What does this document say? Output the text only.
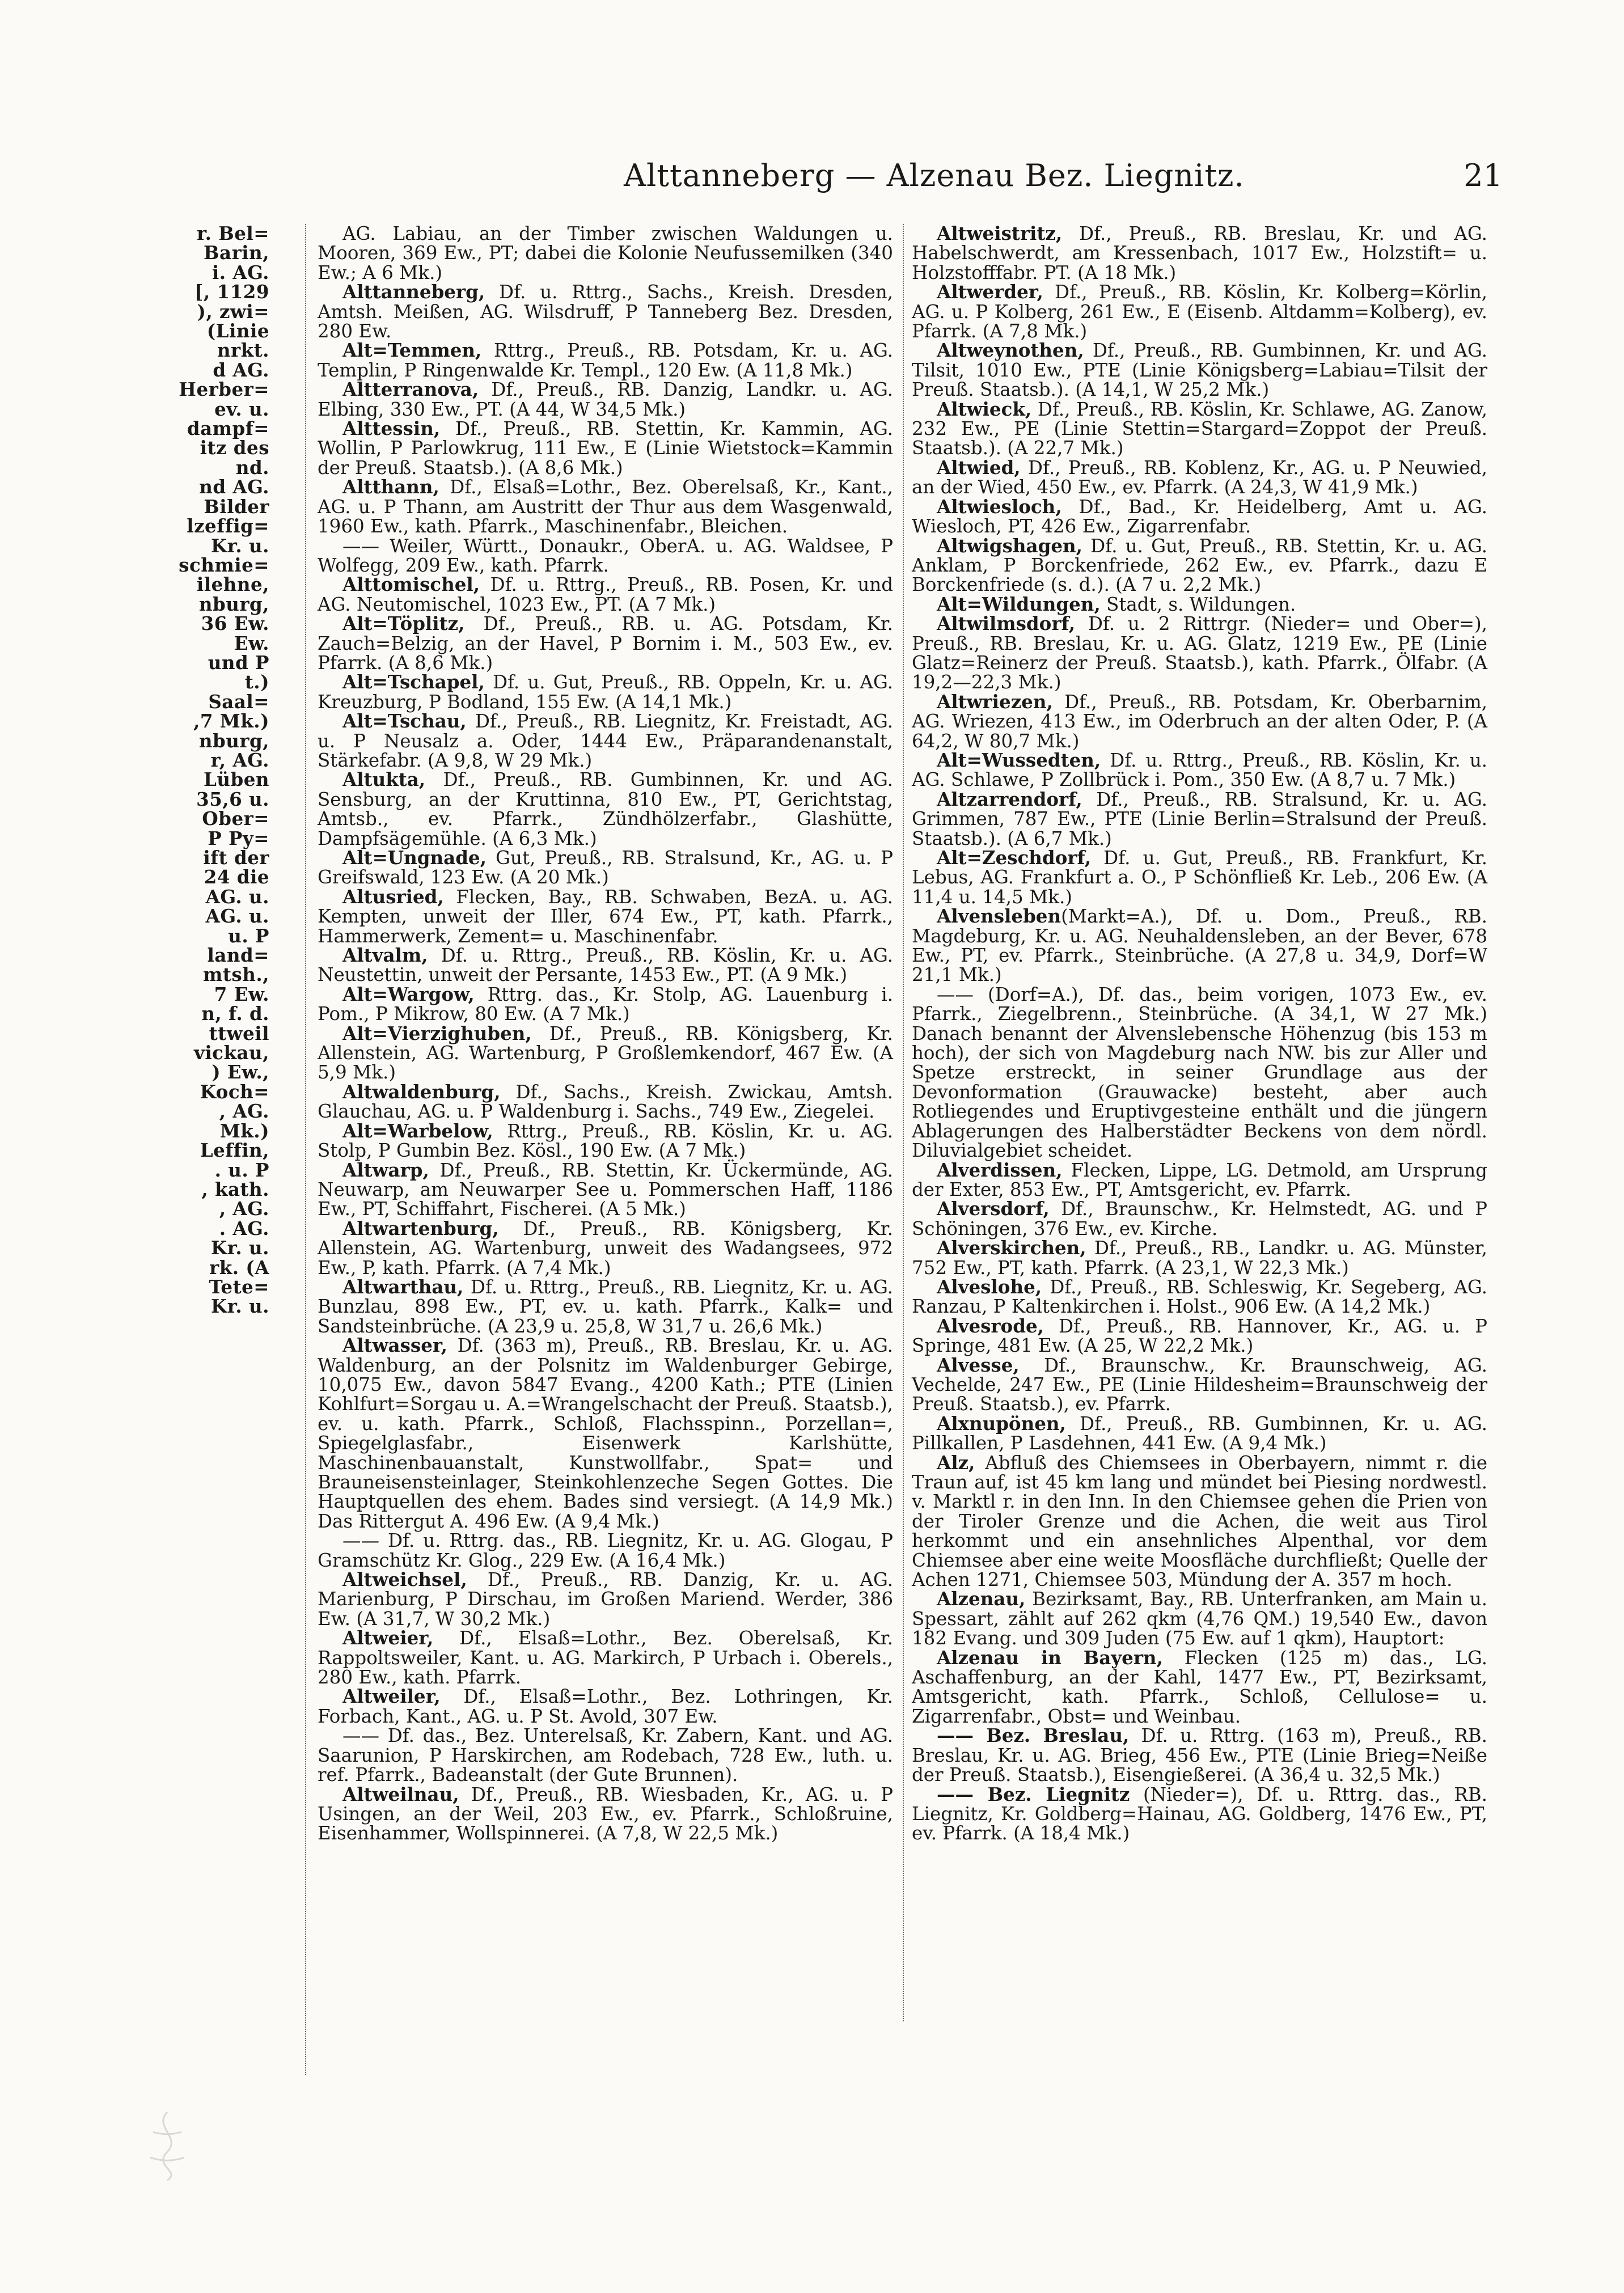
Alttanneberg — Alzenau Bez. Liegnitz.	21
r. Bel=
Barin,
i. AG.
[, 1129
), zwi=
(Linie
nrkt.
d AG.
Herber=
ev. u.
dampf=
itz des
nd.
nd AG.
Bilder
lzeffig=
Kr. u.
schmie=
ilehne,
nburg,
36 Ew.
Ew.
und P
t.)
Saal=
,7 Mk.)
nburg,
r, AG.
Lüben
35,6 u.
Ober=
P Py=
ift der
24 die
AG. u.
AG. u.
u. P
land=
mtsh.,
7 Ew.
n, f. d.
ttweil
vickau,
) Ew.,
Koch=
, AG.
Mk.)
Leffin,
. u. P
, kath.
, AG.
. AG.
Kr. u.
rk. (A
Tete=
Kr. u.

AG. Labiau, an der Timber zwischen Waldungen u. Mooren, 369 Ew., PT; dabei die Kolonie Neufussemilken (340 Ew.; A 6 Mk.)

Alttanneberg, Df. u. Rttrg., Sachs., Kreish. Dresden, Amtsh. Meißen, AG. Wilsdruff, P Tanneberg Bez. Dresden, 280 Ew.

Alt=Temmen, Rttrg., Preuß., RB. Potsdam, Kr. u. AG. Templin, P Ringenwalde Kr. Templ., 120 Ew. (A 11,8 Mk.)

Altterranova, Df., Preuß., RB. Danzig, Landkr. u. AG. Elbing, 330 Ew., PT. (A 44, W 34,5 Mk.)

Alttessin, Df., Preuß., RB. Stettin, Kr. Kammin, AG. Wollin, P Parlowkrug, 111 Ew., E (Linie Wietstock=Kammin der Preuß. Staatsb.). (A 8,6 Mk.)

Altthann, Df., Elsaß=Lothr., Bez. Oberelsaß, Kr., Kant., AG. u. P Thann, am Austritt der Thur aus dem Wasgenwald, 1960 Ew., kath. Pfarrk., Maschinenfabr., Bleichen.

—— Weiler, Württ., Donaukr., OberA. u. AG. Waldsee, P Wolfegg, 209 Ew., kath. Pfarrk.

Alttomischel, Df. u. Rttrg., Preuß., RB. Posen, Kr. und AG. Neutomischel, 1023 Ew., PT. (A 7 Mk.)

Alt=Töplitz, Df., Preuß., RB. u. AG. Potsdam, Kr. Zauch=Belzig, an der Havel, P Bornim i. M., 503 Ew., ev. Pfarrk. (A 8,6 Mk.)

Alt=Tschapel, Df. u. Gut, Preuß., RB. Oppeln, Kr. u. AG. Kreuzburg, P Bodland, 155 Ew. (A 14,1 Mk.)

Alt=Tschau, Df., Preuß., RB. Liegnitz, Kr. Freistadt, AG. u. P Neusalz a. Oder, 1444 Ew., Präparandenanstalt, Stärkefabr. (A 9,8, W 29 Mk.)

Altukta, Df., Preuß., RB. Gumbinnen, Kr. und AG. Sensburg, an der Kruttinna, 810 Ew., PT, Gerichtstag, Amtsb., ev. Pfarrk., Zündhölzerfabr., Glashütte, Dampfsägemühle. (A 6,3 Mk.)

Alt=Ungnade, Gut, Preuß., RB. Stralsund, Kr., AG. u. P Greifswald, 123 Ew. (A 20 Mk.)

Altusried, Flecken, Bay., RB. Schwaben, BezA. u. AG. Kempten, unweit der Iller, 674 Ew., PT, kath. Pfarrk., Hammerwerk, Zement= u. Maschinenfabr.

Altvalm, Df. u. Rttrg., Preuß., RB. Köslin, Kr. u. AG. Neustettin, unweit der Persante, 1453 Ew., PT. (A 9 Mk.)

Alt=Wargow, Rttrg. das., Kr. Stolp, AG. Lauenburg i. Pom., P Mikrow, 80 Ew. (A 7 Mk.)

Alt=Vierzighuben, Df., Preuß., RB. Königsberg, Kr. Allenstein, AG. Wartenburg, P Großlemkendorf, 467 Ew. (A 5,9 Mk.)

Altwaldenburg, Df., Sachs., Kreish. Zwickau, Amtsh. Glauchau, AG. u. P Waldenburg i. Sachs., 749 Ew., Ziegelei.

Alt=Warbelow, Rttrg., Preuß., RB. Köslin, Kr. u. AG. Stolp, P Gumbin Bez. Kösl., 190 Ew. (A 7 Mk.)

Altwarp, Df., Preuß., RB. Stettin, Kr. Ückermünde, AG. Neuwarp, am Neuwarper See u. Pommerschen Haff, 1186 Ew., PT, Schiffahrt, Fischerei. (A 5 Mk.)

Altwartenburg, Df., Preuß., RB. Königsberg, Kr. Allenstein, AG. Wartenburg, unweit des Wadangsees, 972 Ew., P, kath. Pfarrk. (A 7,4 Mk.)

Altwarthau, Df. u. Rttrg., Preuß., RB. Liegnitz, Kr. u. AG. Bunzlau, 898 Ew., PT, ev. u. kath. Pfarrk., Kalk= und Sandsteinbrüche. (A 23,9 u. 25,8, W 31,7 u. 26,6 Mk.)

Altwasser, Df. (363 m), Preuß., RB. Breslau, Kr. u. AG. Waldenburg, an der Polsnitz im Waldenburger Gebirge, 10,075 Ew., davon 5847 Evang., 4200 Kath.; PTE (Linien Kohlfurt=Sorgau u. A.=Wrangelschacht der Preuß. Staatsb.), ev. u. kath. Pfarrk., Schloß, Flachsspinn., Porzellan=, Spiegelglasfabr., Eisenwerk Karlshütte, Maschinenbauanstalt, Kunstwollfabr., Spat= und Brauneisensteinlager, Steinkohlenzeche Segen Gottes. Die Hauptquellen des ehem. Bades sind versiegt. (A 14,9 Mk.) Das Rittergut A. 496 Ew. (A 9,4 Mk.)

—— Df. u. Rttrg. das., RB. Liegnitz, Kr. u. AG. Glogau, P Gramschütz Kr. Glog., 229 Ew. (A 16,4 Mk.)

Altweichsel, Df., Preuß., RB. Danzig, Kr. u. AG. Marienburg, P Dirschau, im Großen Mariend. Werder, 386 Ew. (A 31,7, W 30,2 Mk.)

Altweier, Df., Elsaß=Lothr., Bez. Oberelsaß, Kr. Rappoltsweiler, Kant. u. AG. Markirch, P Urbach i. Oberels., 280 Ew., kath. Pfarrk.

Altweiler, Df., Elsaß=Lothr., Bez. Lothringen, Kr. Forbach, Kant., AG. u. P St. Avold, 307 Ew.

—— Df. das., Bez. Unterelsaß, Kr. Zabern, Kant. und AG. Saarunion, P Harskirchen, am Rodebach, 728 Ew., luth. u. ref. Pfarrk., Badeanstalt (der Gute Brunnen).

Altweilnau, Df., Preuß., RB. Wiesbaden, Kr., AG. u. P Usingen, an der Weil, 203 Ew., ev. Pfarrk., Schloßruine, Eisenhammer, Wollspinnerei. (A 7,8, W 22,5 Mk.)

Altweistritz, Df., Preuß., RB. Breslau, Kr. und AG. Habelschwerdt, am Kressenbach, 1017 Ew., Holzstift= u. Holzstofffabr. PT. (A 18 Mk.)

Altwerder, Df., Preuß., RB. Köslin, Kr. Kolberg=Körlin, AG. u. P Kolberg, 261 Ew., E (Eisenb. Altdamm=Kolberg), ev. Pfarrk. (A 7,8 Mk.)

Altweynothen, Df., Preuß., RB. Gumbinnen, Kr. und AG. Tilsit, 1010 Ew., PTE (Linie Königsberg=Labiau=Tilsit der Preuß. Staatsb.). (A 14,1, W 25,2 Mk.)

Altwieck, Df., Preuß., RB. Köslin, Kr. Schlawe, AG. Zanow, 232 Ew., PE (Linie Stettin=Stargard=Zoppot der Preuß. Staatsb.). (A 22,7 Mk.)

Altwied, Df., Preuß., RB. Koblenz, Kr., AG. u. P Neuwied, an der Wied, 450 Ew., ev. Pfarrk. (A 24,3, W 41,9 Mk.)

Altwiesloch, Df., Bad., Kr. Heidelberg, Amt u. AG. Wiesloch, PT, 426 Ew., Zigarrenfabr.

Altwigshagen, Df. u. Gut, Preuß., RB. Stettin, Kr. u. AG. Anklam, P Borckenfriede, 262 Ew., ev. Pfarrk., dazu E Borckenfriede (s. d.). (A 7 u. 2,2 Mk.)

Alt=Wildungen, Stadt, s. Wildungen.

Altwilmsdorf, Df. u. 2 Rittrgr. (Nieder= und Ober=), Preuß., RB. Breslau, Kr. u. AG. Glatz, 1219 Ew., PE (Linie Glatz=Reinerz der Preuß. Staatsb.), kath. Pfarrk., Ölfabr. (A 19,2—22,3 Mk.)

Altwriezen, Df., Preuß., RB. Potsdam, Kr. Oberbarnim, AG. Wriezen, 413 Ew., im Oderbruch an der alten Oder, P. (A 64,2, W 80,7 Mk.)

Alt=Wussedten, Df. u. Rttrg., Preuß., RB. Köslin, Kr. u. AG. Schlawe, P Zollbrück i. Pom., 350 Ew. (A 8,7 u. 7 Mk.)

Altzarrendorf, Df., Preuß., RB. Stralsund, Kr. u. AG. Grimmen, 787 Ew., PTE (Linie Berlin=Stralsund der Preuß. Staatsb.). (A 6,7 Mk.)

Alt=Zeschdorf, Df. u. Gut, Preuß., RB. Frankfurt, Kr. Lebus, AG. Frankfurt a. O., P Schönfließ Kr. Leb., 206 Ew. (A 11,4 u. 14,5 Mk.)

Alvensleben(Markt=A.), Df. u. Dom., Preuß., RB. Magdeburg, Kr. u. AG. Neuhaldensleben, an der Bever, 678 Ew., PT, ev. Pfarrk., Steinbrüche. (A 27,8 u. 34,9, Dorf=W 21,1 Mk.)

—— (Dorf=A.), Df. das., beim vorigen, 1073 Ew., ev. Pfarrk., Ziegelbrenn., Steinbrüche. (A 34,1, W 27 Mk.) Danach benannt der Alvenslebensche Höhenzug (bis 153 m hoch), der sich von Magdeburg nach NW. bis zur Aller und Spetze erstreckt, in seiner Grundlage aus der Devonformation (Grauwacke) besteht, aber auch Rotliegendes und Eruptivgesteine enthält und die jüngern Ablagerungen des Halberstädter Beckens von dem nördl. Diluvialgebiet scheidet.

Alverdissen, Flecken, Lippe, LG. Detmold, am Ursprung der Exter, 853 Ew., PT, Amtsgericht, ev. Pfarrk.

Alversdorf, Df., Braunschw., Kr. Helmstedt, AG. und P Schöningen, 376 Ew., ev. Kirche.

Alverskirchen, Df., Preuß., RB., Landkr. u. AG. Münster, 752 Ew., PT, kath. Pfarrk. (A 23,1, W 22,3 Mk.)

Alveslohe, Df., Preuß., RB. Schleswig, Kr. Segeberg, AG. Ranzau, P Kaltenkirchen i. Holst., 906 Ew. (A 14,2 Mk.)

Alvesrode, Df., Preuß., RB. Hannover, Kr., AG. u. P Springe, 481 Ew. (A 25, W 22,2 Mk.)

Alvesse, Df., Braunschw., Kr. Braunschweig, AG. Vechelde, 247 Ew., PE (Linie Hildesheim=Braunschweig der Preuß. Staatsb.), ev. Pfarrk.

Alxnupönen, Df., Preuß., RB. Gumbinnen, Kr. u. AG. Pillkallen, P Lasdehnen, 441 Ew. (A 9,4 Mk.)

Alz, Abfluß des Chiemsees in Oberbayern, nimmt r. die Traun auf, ist 45 km lang und mündet bei Piesing nordwestl. v. Marktl r. in den Inn. In den Chiemsee gehen die Prien von der Tiroler Grenze und die Achen, die weit aus Tirol herkommt und ein ansehnliches Alpenthal, vor dem Chiemsee aber eine weite Moosfläche durchfließt; Quelle der Achen 1271, Chiemsee 503, Mündung der A. 357 m hoch.

Alzenau, Bezirksamt, Bay., RB. Unterfranken, am Main u. Spessart, zählt auf 262 qkm (4,76 QM.) 19,540 Ew., davon 182 Evang. und 309 Juden (75 Ew. auf 1 qkm), Hauptort:

Alzenau in Bayern, Flecken (125 m) das., LG. Aschaffenburg, an der Kahl, 1477 Ew., PT, Bezirksamt, Amtsgericht, kath. Pfarrk., Schloß, Cellulose= u. Zigarrenfabr., Obst= und Weinbau.

—— Bez. Breslau, Df. u. Rttrg. (163 m), Preuß., RB. Breslau, Kr. u. AG. Brieg, 456 Ew., PTE (Linie Brieg=Neiße der Preuß. Staatsb.), Eisengießerei. (A 36,4 u. 32,5 Mk.)

—— Bez. Liegnitz (Nieder=), Df. u. Rttrg. das., RB. Liegnitz, Kr. Goldberg=Hainau, AG. Goldberg, 1476 Ew., PT, ev. Pfarrk. (A 18,4 Mk.)
